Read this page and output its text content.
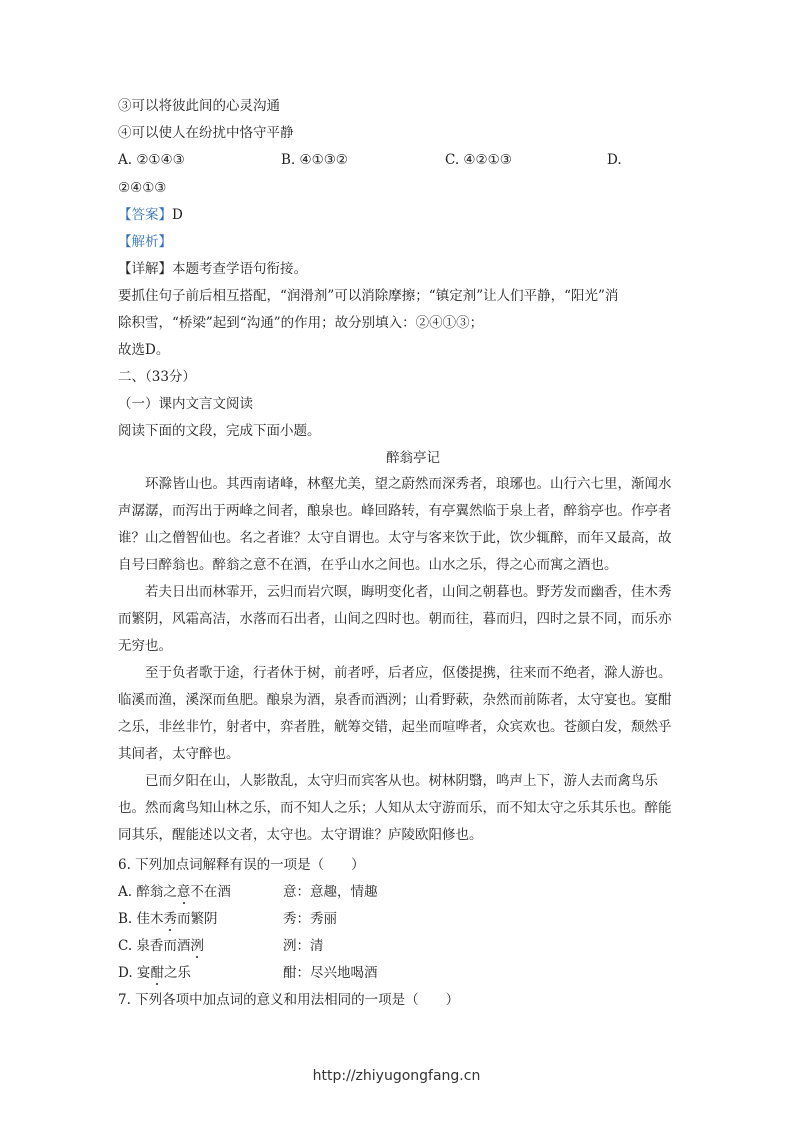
③可以将彼此间的心灵沟通
④可以使人在纷扰中恪守平静
A. ②①④③	B. ④①③②	C. ④②①③	D.
②④①③
【答案】D
【解析】
【详解】本题考查学语句衔接。
要抓住句子前后相互搭配，“润滑剂”可以消除摩擦；“镇定剂”让人们平静，“阳光”消
除积雪，“桥梁”起到“沟通”的作用；故分别填入：②④①③；
故选D。
二、（33分）
（一）课内文言文阅读
阅读下面的文段，完成下面小题。
醉翁亭记
环滁皆山也。其西南诸峰，林壑尤美，望之蔚然而深秀者，琅琊也。山行六七里，渐闻水声潺潺，而泻出于两峰之间者，酿泉也。峰回路转，有亭翼然临于泉上者，醉翁亭也。作亭者谁？山之僧智仙也。名之者谁？太守自谓也。太守与客来饮于此，饮少辄醉，而年又最高，故自号曰醉翁也。醉翁之意不在酒，在乎山水之间也。山水之乐，得之心而寓之酒也。
若夫日出而林霏开，云归而岩穴暝，晦明变化者，山间之朝暮也。野芳发而幽香，佳木秀而繁阴，风霜高洁，水落而石出者，山间之四时也。朝而往，暮而归，四时之景不同，而乐亦无穷也。
至于负者歌于途，行者休于树，前者呼，后者应，伛偻提携，往来而不绝者，滁人游也。临溪而渔，溪深而鱼肥。酿泉为酒，泉香而酒洌；山肴野蔌，杂然而前陈者，太守宴也。宴酣之乐，非丝非竹，射者中，弈者胜，觥筹交错，起坐而喧哗者，众宾欢也。苍颜白发，颓然乎其间者，太守醉也。
已而夕阳在山，人影散乱，太守归而宾客从也。树林阴翳，鸣声上下，游人去而禽鸟乐也。然而禽鸟知山林之乐，而不知人之乐；人知从太守游而乐，而不知太守之乐其乐也。醉能同其乐，醒能述以文者，太守也。太守谓谁？庐陵欧阳修也。
6. 下列加点词解释有误的一项是（　　）
A. 醉翁之意不在酒	意：意趣，情趣
B. 佳木秀而繁阴	秀：秀丽
C. 泉香而酒洌	洌：清
D. 宴酣之乐	酣：尽兴地喝酒
7. 下列各项中加点词的意义和用法相同的一项是（　　）
http://zhiyugongfang.cn
